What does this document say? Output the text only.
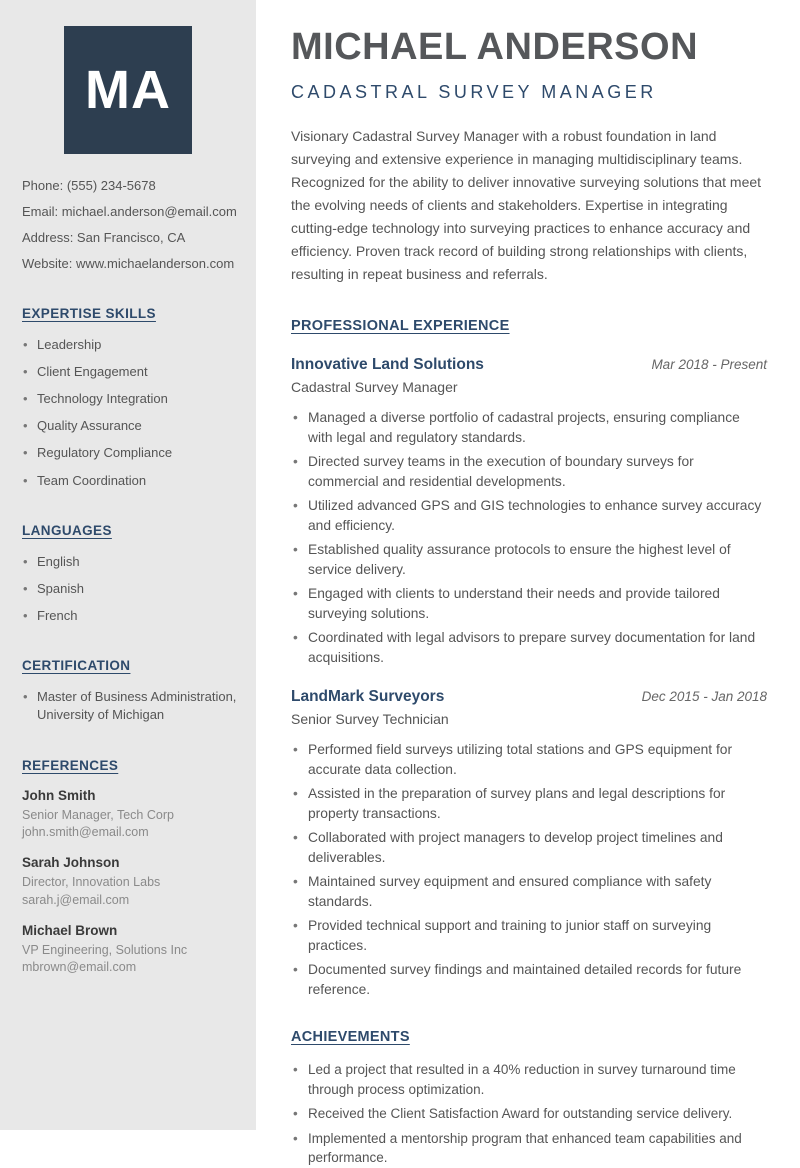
MA
Phone: (555) 234-5678
Email: michael.anderson@email.com
Address: San Francisco, CA
Website: www.michaelanderson.com
EXPERTISE SKILLS
• Leadership
• Client Engagement
• Technology Integration
• Quality Assurance
• Regulatory Compliance
• Team Coordination
LANGUAGES
• English
• Spanish
• French
CERTIFICATION
• Master of Business Administration, University of Michigan
REFERENCES
John Smith
Senior Manager, Tech Corp
john.smith@email.com
Sarah Johnson
Director, Innovation Labs
sarah.j@email.com
Michael Brown
VP Engineering, Solutions Inc
mbrown@email.com
MICHAEL ANDERSON
CADASTRAL SURVEY MANAGER

Visionary Cadastral Survey Manager with a robust foundation in land surveying and extensive experience in managing multidisciplinary teams. Recognized for the ability to deliver innovative surveying solutions that meet the evolving needs of clients and stakeholders. Expertise in integrating cutting-edge technology into surveying practices to enhance accuracy and efficiency. Proven track record of building strong relationships with clients, resulting in repeat business and referrals.

PROFESSIONAL EXPERIENCE
Innovative Land Solutions	Mar 2018 - Present
Cadastral Survey Manager
• Managed a diverse portfolio of cadastral projects, ensuring compliance with legal and regulatory standards.
• Directed survey teams in the execution of boundary surveys for commercial and residential developments.
• Utilized advanced GPS and GIS technologies to enhance survey accuracy and efficiency.
• Established quality assurance protocols to ensure the highest level of service delivery.
• Engaged with clients to understand their needs and provide tailored surveying solutions.
• Coordinated with legal advisors to prepare survey documentation for land acquisitions.
LandMark Surveyors	Dec 2015 - Jan 2018
Senior Survey Technician
• Performed field surveys utilizing total stations and GPS equipment for accurate data collection.
• Assisted in the preparation of survey plans and legal descriptions for property transactions.
• Collaborated with project managers to develop project timelines and deliverables.
• Maintained survey equipment and ensured compliance with safety standards.
• Provided technical support and training to junior staff on surveying practices.
• Documented survey findings and maintained detailed records for future reference.
ACHIEVEMENTS
• Led a project that resulted in a 40% reduction in survey turnaround time through process optimization.
• Received the Client Satisfaction Award for outstanding service delivery.
• Implemented a mentorship program that enhanced team capabilities and performance.
